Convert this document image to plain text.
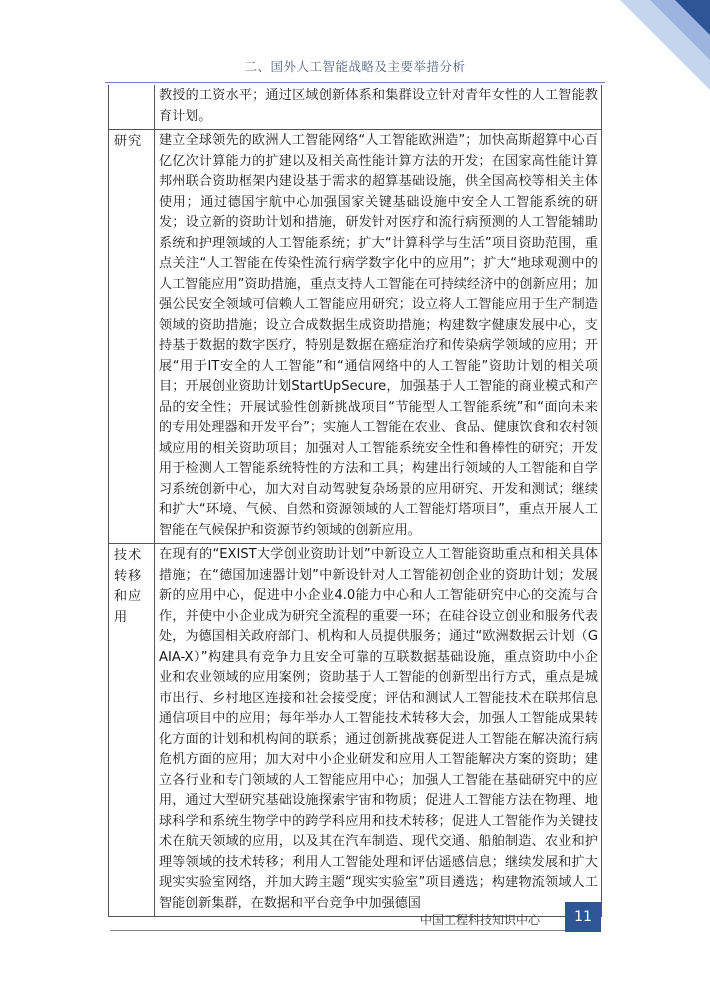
二、国外人工智能战略及主要举措分析
	教授的工资水平；通过区域创新体系和集群设立针对青年女性的人工智能教育计划。
研究	建立全球领先的欧洲人工智能网络“人工智能欧洲造”；加快高斯超算中心百亿亿次计算能力的扩建以及相关高性能计算方法的开发；在国家高性能计算邦州联合资助框架内建设基于需求的超算基础设施，供全国高校等相关主体使用；通过德国宇航中心加强国家关键基础设施中安全人工智能系统的研发；设立新的资助计划和措施，研发针对医疗和流行病预测的人工智能辅助系统和护理领域的人工智能系统；扩大“计算科学与生活”项目资助范围，重点关注“人工智能在传染性流行病学数字化中的应用”；扩大“地球观测中的人工智能应用”资助措施，重点支持人工智能在可持续经济中的创新应用；加强公民安全领域可信赖人工智能应用研究；设立将人工智能应用于生产制造领域的资助措施；设立合成数据生成资助措施；构建数字健康发展中心，支持基于数据的数字医疗，特别是数据在癌症治疗和传染病学领域的应用；开展“用于IT安全的人工智能”和“通信网络中的人工智能”资助计划的相关项目；开展创业资助计划StartUpSecure，加强基于人工智能的商业模式和产品的安全性；开展试验性创新挑战项目“节能型人工智能系统”和“面向未来的专用处理器和开发平台”；实施人工智能在农业、食品、健康饮食和农村领域应用的相关资助项目；加强对人工智能系统安全性和鲁棒性的研究；开发用于检测人工智能系统特性的方法和工具；构建出行领域的人工智能和自学习系统创新中心，加大对自动驾驶复杂场景的应用研究、开发和测试；继续和扩大“环境、气候、自然和资源领域的人工智能灯塔项目”，重点开展人工智能在气候保护和资源节约领域的创新应用。
技术转移和应用	在现有的“EXIST大学创业资助计划”中新设立人工智能资助重点和相关具体措施；在“德国加速器计划”中新设针对人工智能初创企业的资助计划；发展新的应用中心，促进中小企业4.0能力中心和人工智能研究中心的交流与合作，并使中小企业成为研究全流程的重要一环；在硅谷设立创业和服务代表处，为德国相关政府部门、机构和人员提供服务；通过“欧洲数据云计划（GAIA-X）”构建具有竞争力且安全可靠的互联数据基础设施，重点资助中小企业和农业领域的应用案例；资助基于人工智能的创新型出行方式，重点是城市出行、乡村地区连接和社会接受度；评估和测试人工智能技术在联邦信息通信项目中的应用；每年举办人工智能技术转移大会，加强人工智能成果转化方面的计划和机构间的联系；通过创新挑战赛促进人工智能在解决流行病危机方面的应用；加大对中小企业研发和应用人工智能解决方案的资助；建立各行业和专门领域的人工智能应用中心；加强人工智能在基础研究中的应用，通过大型研究基础设施探索宇宙和物质；促进人工智能方法在物理、地球科学和系统生物学中的跨学科应用和技术转移；促进人工智能作为关键技术在航天领域的应用，以及其在汽车制造、现代交通、船舶制造、农业和护理等领域的技术转移；利用人工智能处理和评估遥感信息；继续发展和扩大现实实验室网络，并加大跨主题“现实实验室”项目遴选；构建物流领域人工智能创新集群，在数据和平台竞争中加强德国
中国工程科技知识中心	11
